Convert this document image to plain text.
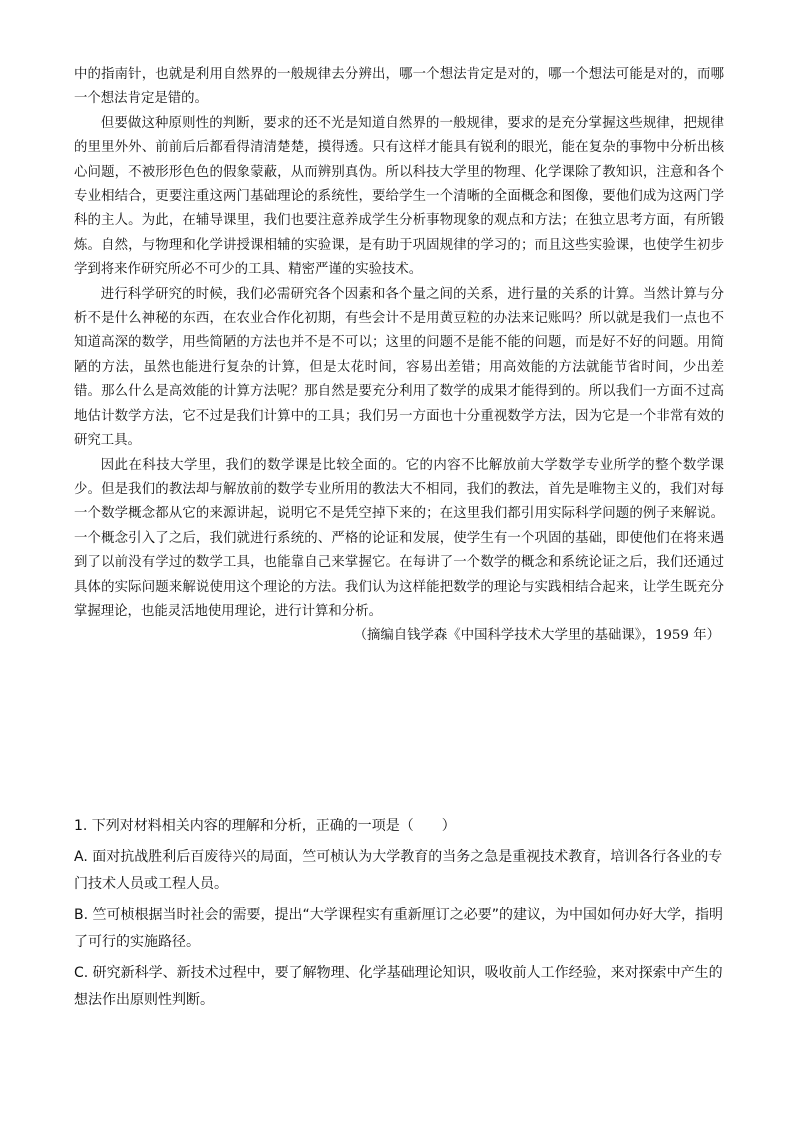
中的指南针，也就是利用自然界的一般规律去分辨出，哪一个想法肯定是对的，哪一个想法可能是对的，而哪一个想法肯定是错的。

但要做这种原则性的判断，要求的还不光是知道自然界的一般规律，要求的是充分掌握这些规律，把规律的里里外外、前前后后都看得清清楚楚，摸得透。只有这样才能具有锐利的眼光，能在复杂的事物中分析出核心问题，不被形形色色的假象蒙蔽，从而辨别真伪。所以科技大学里的物理、化学课除了教知识，注意和各个专业相结合，更要注重这两门基础理论的系统性，要给学生一个清晰的全面概念和图像，要他们成为这两门学科的主人。为此，在辅导课里，我们也要注意养成学生分析事物现象的观点和方法；在独立思考方面，有所锻炼。自然，与物理和化学讲授课相辅的实验课，是有助于巩固规律的学习的；而且这些实验课，也使学生初步学到将来作研究所必不可少的工具、精密严谨的实验技术。

进行科学研究的时候，我们必需研究各个因素和各个量之间的关系，进行量的关系的计算。当然计算与分析不是什么神秘的东西，在农业合作化初期，有些会计不是用黄豆粒的办法来记账吗？所以就是我们一点也不知道高深的数学，用些简陋的方法也并不是不可以；这里的问题不是能不能的问题，而是好不好的问题。用简陋的方法，虽然也能进行复杂的计算，但是太花时间，容易出差错；用高效能的方法就能节省时间，少出差错。那么什么是高效能的计算方法呢？那自然是要充分利用了数学的成果才能得到的。所以我们一方面不过高地估计数学方法，它不过是我们计算中的工具；我们另一方面也十分重视数学方法，因为它是一个非常有效的研究工具。

因此在科技大学里，我们的数学课是比较全面的。它的内容不比解放前大学数学专业所学的整个数学课少。但是我们的教法却与解放前的数学专业所用的教法大不相同，我们的教法，首先是唯物主义的，我们对每一个数学概念都从它的来源讲起，说明它不是凭空掉下来的；在这里我们都引用实际科学问题的例子来解说。一个概念引入了之后，我们就进行系统的、严格的论证和发展，使学生有一个巩固的基础，即使他们在将来遇到了以前没有学过的数学工具，也能靠自己来掌握它。在每讲了一个数学的概念和系统论证之后，我们还通过具体的实际问题来解说使用这个理论的方法。我们认为这样能把数学的理论与实践相结合起来，让学生既充分掌握理论，也能灵活地使用理论，进行计算和分析。

（摘编自钱学森《中国科学技术大学里的基础课》，1959 年）

1. 下列对材料相关内容的理解和分析，正确的一项是（　　）

A. 面对抗战胜利后百废待兴的局面，竺可桢认为大学教育的当务之急是重视技术教育，培训各行各业的专门技术人员或工程人员。

B. 竺可桢根据当时社会的需要，提出“大学课程实有重新厘订之必要”的建议，为中国如何办好大学，指明了可行的实施路径。

C. 研究新科学、新技术过程中，要了解物理、化学基础理论知识，吸收前人工作经验，来对探索中产生的想法作出原则性判断。
